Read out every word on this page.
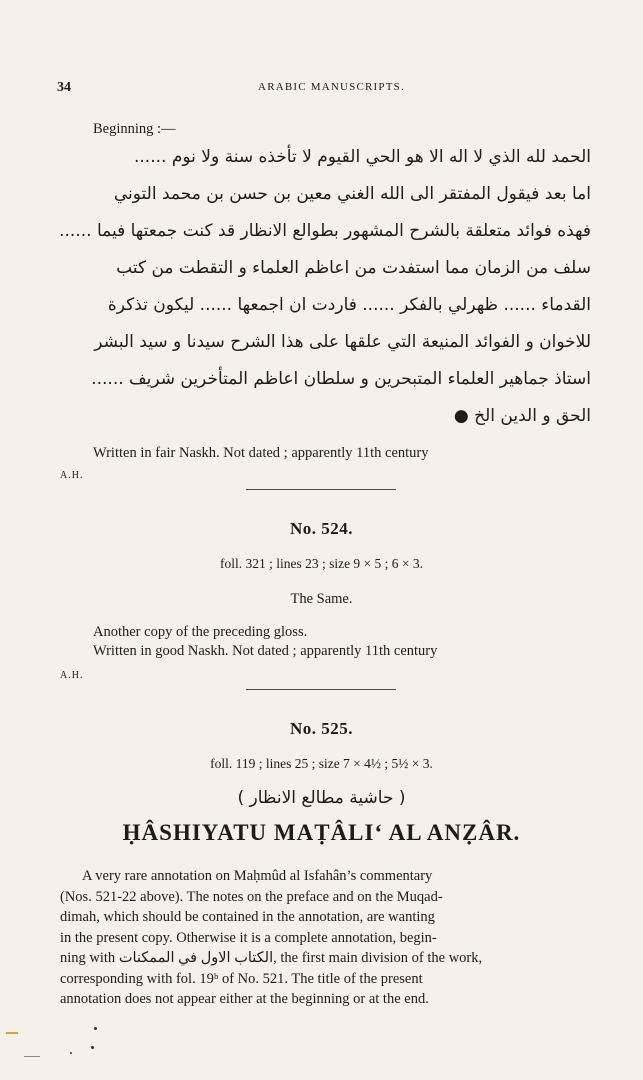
34	ARABIC MANUSCRIPTS.
Beginning :—
الحمد لله الذي لا اله الا هو الحي القيوم لا تأخذه سنة ولا نوم ......
اما بعد فيقول المفتقر الى الله الغني معين بن حسن بن محمد التوني
فهذه فوائد متعلقة بالشرح المشهور بطوالع الانظار قد كنت جمعتها فيما ......
سلف من الزمان مما استفدت من اعاظم العلماء و التقطت من كتب
القدماء ...... ظهرلي بالفكر ...... فاردت ان اجمعها ...... ليكون تذكرة
للاخوان و الفوائد المنيعة التي علقها على هذا الشرح سيدنا و سيد البشر
استاذ جماهير العلماء المتبحرين و سلطان اعاظم المتأخرين شريف ......
الحق و الدين الخ ●
Written in fair Naskh. Not dated ; apparently 11th century
A.H.
No. 524.
foll. 321 ; lines 23 ; size 9 × 5 ; 6 × 3.
The Same.
Another copy of the preceding gloss.
Written in good Naskh. Not dated ; apparently 11th century
A.H.
No. 525.
foll. 119 ; lines 25 ; size 7 × 4½ ; 5½ × 3.
( حاشية مطالع الانظار )
ḤÂSHIYATU MAṬÂLI‘ AL ANẒÂR.
A very rare annotation on Maḥmûd al Isfahân’s commentary
(Nos. 521-22 above). The notes on the preface and on the Muqad-
dimah, which should be contained in the annotation, are wanting
in the present copy. Otherwise it is a complete annotation, begin-
ning with الكتاب الاول في الممكنات, the first main division of the work,
corresponding with fol. 19ᵇ of No. 521. The title of the present
annotation does not appear either at the beginning or at the end.
